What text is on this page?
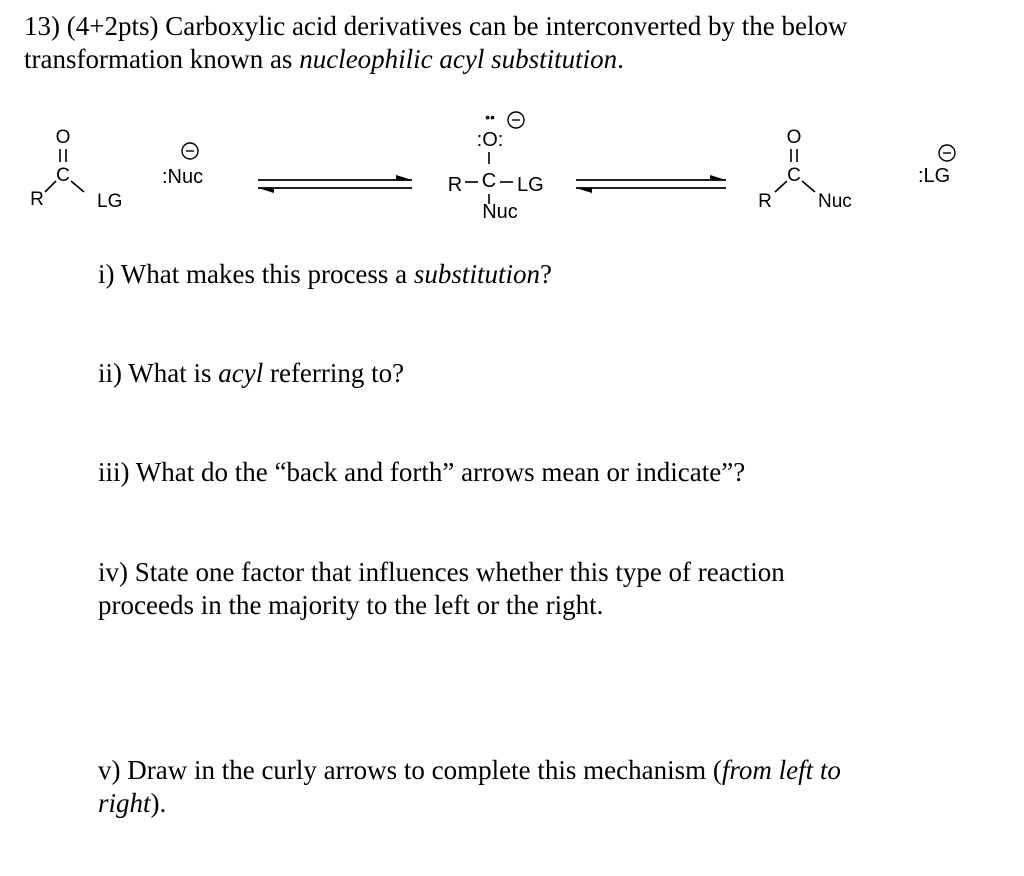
13) (4+2pts) Carboxylic acid derivatives can be interconverted by the below
transformation known as nucleophilic acyl substitution.
O
C
R	LG
:Nuc
••
:O:
C
R	LG
Nuc
O
C
R Nuc
:LG
i) What makes this process a substitution?
ii) What is acyl referring to?
iii) What do the “back and forth” arrows mean or indicate”?
iv) State one factor that influences whether this type of reaction
proceeds in the majority to the left or the right.
v) Draw in the curly arrows to complete this mechanism (from left to
right).
